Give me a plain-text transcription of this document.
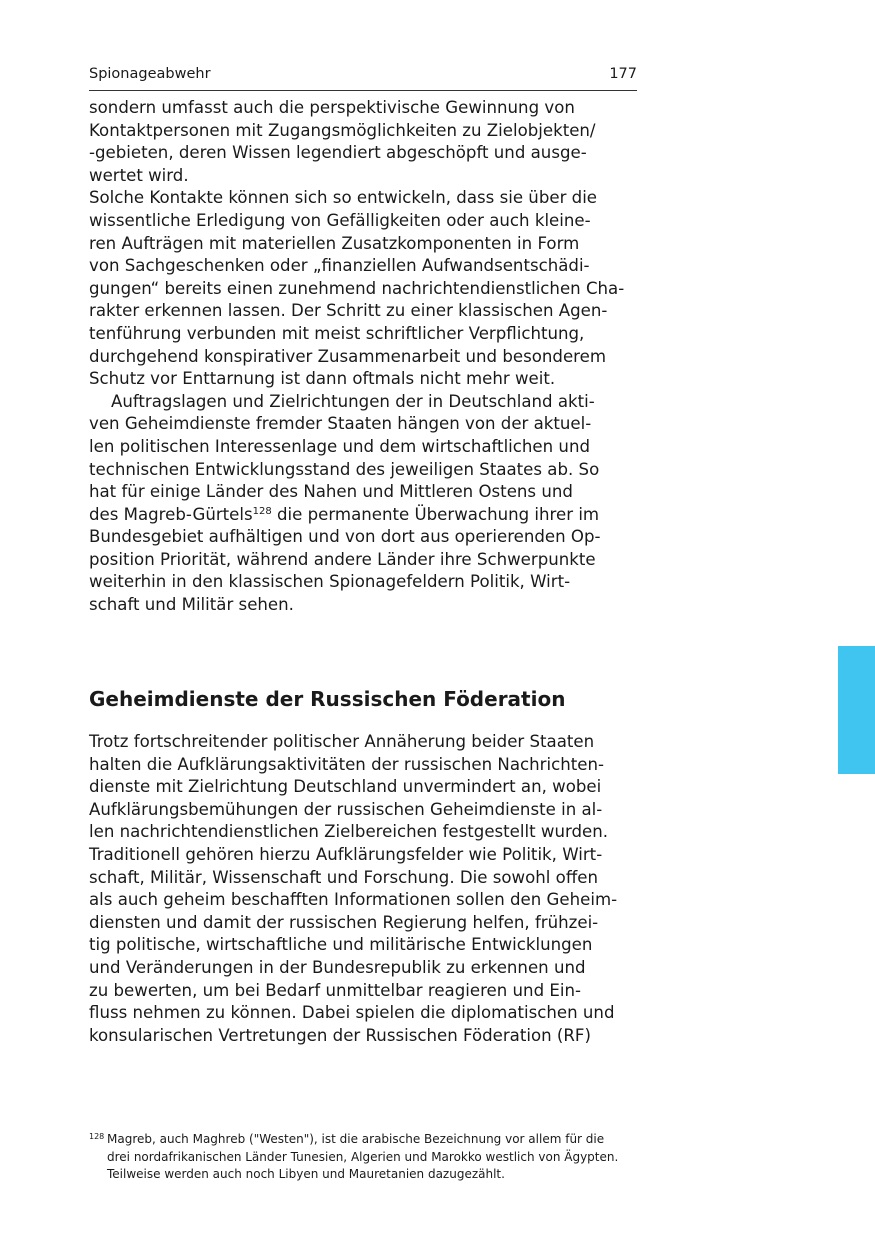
Spionageabwehr	177
sondern umfasst auch die perspektivische Gewinnung von
Kontaktpersonen mit Zugangsmöglichkeiten zu Zielobjekten/
-gebieten, deren Wissen legendiert abgeschöpft und ausge-
wertet wird.
Solche Kontakte können sich so entwickeln, dass sie über die
wissentliche Erledigung von Gefälligkeiten oder auch kleine-
ren Aufträgen mit materiellen Zusatzkomponenten in Form
von Sachgeschenken oder „finanziellen Aufwandsentschädi-
gungen“ bereits einen zunehmend nachrichtendienstlichen Cha-
rakter erkennen lassen. Der Schritt zu einer klassischen Agen-
tenführung verbunden mit meist schriftlicher Verpflichtung,
durchgehend konspirativer Zusammenarbeit und besonderem
Schutz vor Enttarnung ist dann oftmals nicht mehr weit.
Auftragslagen und Zielrichtungen der in Deutschland akti-
ven Geheimdienste fremder Staaten hängen von der aktuel-
len politischen Interessenlage und dem wirtschaftlichen und
technischen Entwicklungsstand des jeweiligen Staates ab. So
hat für einige Länder des Nahen und Mittleren Ostens und
des Magreb-Gürtels$^{128}$ die permanente Überwachung ihrer im
Bundesgebiet aufhältigen und von dort aus operierenden Op-
position Priorität, während andere Länder ihre Schwerpunkte
weiterhin in den klassischen Spionagefeldern Politik, Wirt-
schaft und Militär sehen.
Geheimdienste der Russischen Föderation
Trotz fortschreitender politischer Annäherung beider Staaten
halten die Aufklärungsaktivitäten der russischen Nachrichten-
dienste mit Zielrichtung Deutschland unvermindert an, wobei
Aufklärungsbemühungen der russischen Geheimdienste in al-
len nachrichtendienstlichen Zielbereichen festgestellt wurden.
Traditionell gehören hierzu Aufklärungsfelder wie Politik, Wirt-
schaft, Militär, Wissenschaft und Forschung. Die sowohl offen
als auch geheim beschafften Informationen sollen den Geheim-
diensten und damit der russischen Regierung helfen, frühzei-
tig politische, wirtschaftliche und militärische Entwicklungen
und Veränderungen in der Bundesrepublik zu erkennen und
zu bewerten, um bei Bedarf unmittelbar reagieren und Ein-
fluss nehmen zu können. Dabei spielen die diplomatischen und
konsularischen Vertretungen der Russischen Föderation (RF)
128 Magreb, auch Maghreb ("Westen"), ist die arabische Bezeichnung vor allem für die
drei nordafrikanischen Länder Tunesien, Algerien und Marokko westlich von Ägypten.
Teilweise werden auch noch Libyen und Mauretanien dazugezählt.
